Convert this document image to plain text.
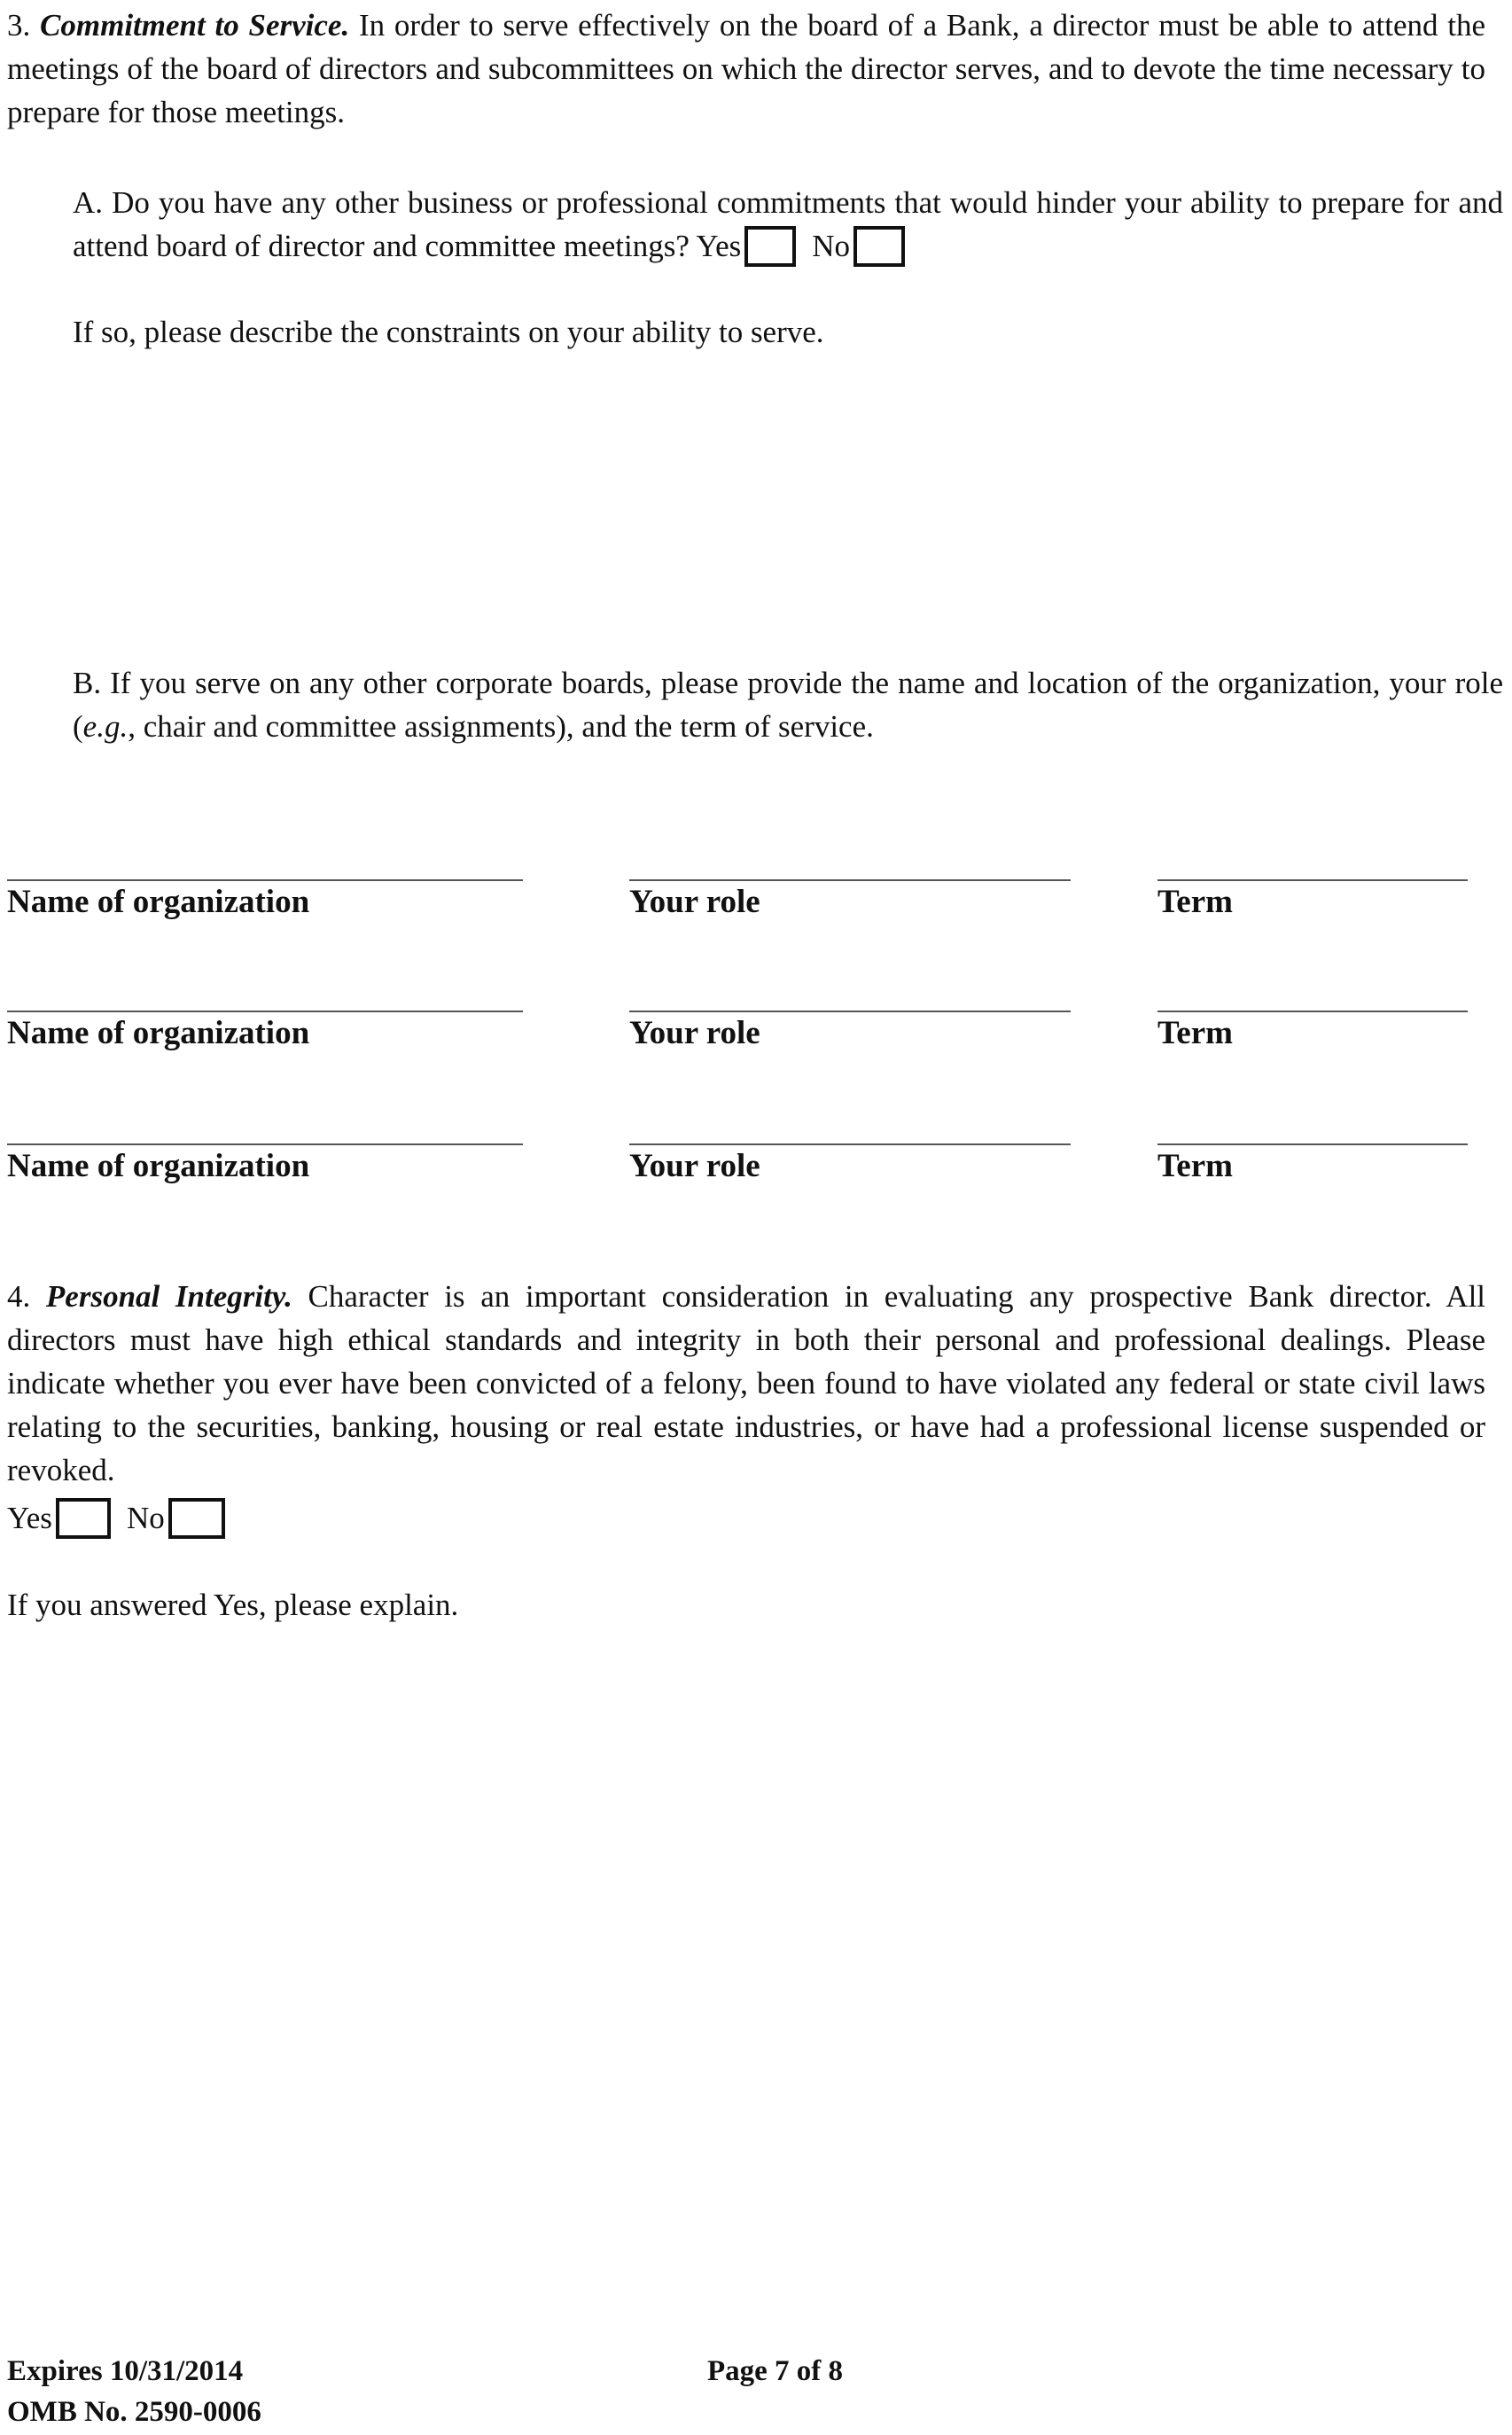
3. Commitment to Service. In order to serve effectively on the board of a Bank, a director must be able to attend the meetings of the board of directors and subcommittees on which the director serves, and to devote the time necessary to prepare for those meetings.
A. Do you have any other business or professional commitments that would hinder your ability to prepare for and attend board of director and committee meetings? Yes No
If so, please describe the constraints on your ability to serve.
B. If you serve on any other corporate boards, please provide the name and location of the organization, your role (e.g., chair and committee assignments), and the term of service.
Name of organization	Your role	Term
Name of organization	Your role	Term
Name of organization	Your role	Term
4. Personal Integrity. Character is an important consideration in evaluating any prospective Bank director. All directors must have high ethical standards and integrity in both their personal and professional dealings. Please indicate whether you ever have been convicted of a felony, been found to have violated any federal or state civil laws relating to the securities, banking, housing or real estate industries, or have had a professional license suspended or revoked.
Yes No
If you answered Yes, please explain.
Expires 10/31/2014	Page 7 of 8
OMB No. 2590-0006
